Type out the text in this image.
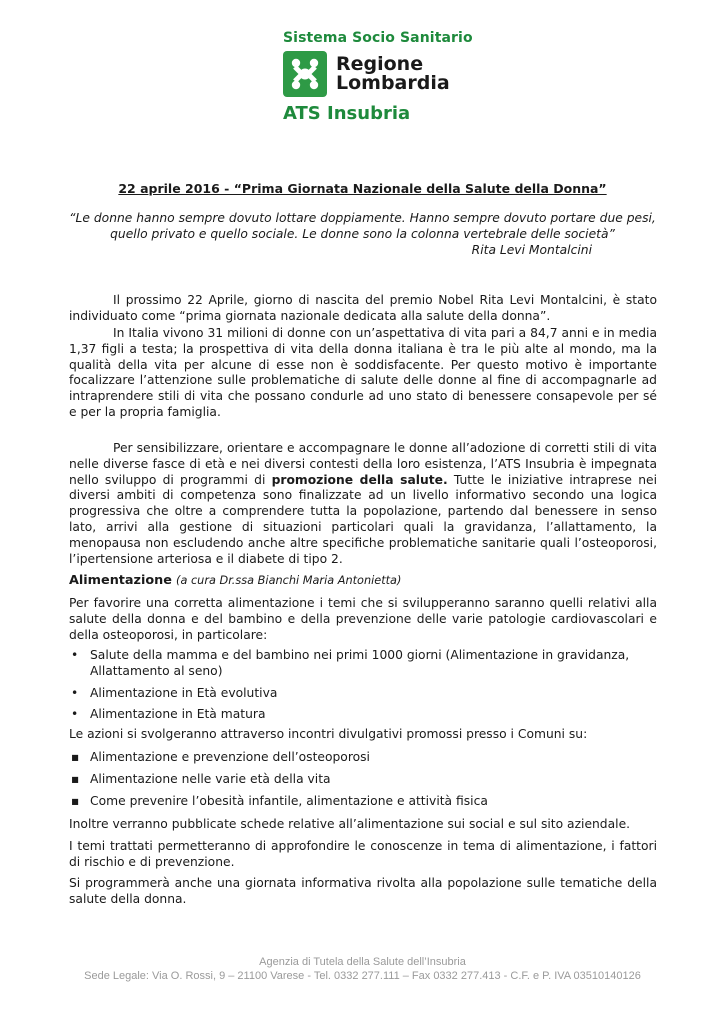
Sistema Socio Sanitario
Regione
Lombardia
ATS Insubria
22 aprile 2016 - “Prima Giornata Nazionale della Salute della Donna”
“Le donne hanno sempre dovuto lottare doppiamente. Hanno sempre dovuto portare due pesi,
quello privato e quello sociale. Le donne sono la colonna vertebrale delle società”
Rita Levi Montalcini

Il prossimo 22 Aprile, giorno di nascita del premio Nobel Rita Levi Montalcini, è stato individuato come “prima giornata nazionale dedicata alla salute della donna”.

In Italia vivono 31 milioni di donne con un’aspettativa di vita pari a 84,7 anni e in media 1,37 figli a testa; la prospettiva di vita della donna italiana è tra le più alte al mondo, ma la qualità della vita per alcune di esse non è soddisfacente. Per questo motivo è importante focalizzare l’attenzione sulle problematiche di salute delle donne al fine di accompagnarle ad intraprendere stili di vita che possano condurle ad uno stato di benessere consapevole per sé e per la propria famiglia.

Per sensibilizzare, orientare e accompagnare le donne all’adozione di corretti stili di vita nelle diverse fasce di età e nei diversi contesti della loro esistenza, l’ATS Insubria è impegnata nello sviluppo di programmi di promozione della salute. Tutte le iniziative intraprese nei diversi ambiti di competenza sono finalizzate ad un livello informativo secondo una logica progressiva che oltre a comprendere tutta la popolazione, partendo dal benessere in senso lato, arrivi alla gestione di situazioni particolari quali la gravidanza, l’allattamento, la menopausa non escludendo anche altre specifiche problematiche sanitarie quali l’osteoporosi, l’ipertensione arteriosa e il diabete di tipo 2.

Alimentazione (a cura Dr.ssa Bianchi Maria Antonietta)
Per favorire una corretta alimentazione i temi che si svilupperanno saranno quelli relativi alla salute della donna e del bambino e della prevenzione delle varie patologie cardiovascolari e della osteoporosi, in particolare:
• Salute della mamma e del bambino nei primi 1000 giorni (Alimentazione in gravidanza, Allattamento al seno)
• Alimentazione in Età evolutiva
• Alimentazione in Età matura
Le azioni si svolgeranno attraverso incontri divulgativi promossi presso i Comuni su:
▪ Alimentazione e prevenzione dell’osteoporosi
▪ Alimentazione nelle varie età della vita
▪ Come prevenire l’obesità infantile, alimentazione e attività fisica
Inoltre verranno pubblicate schede relative all’alimentazione sui social e sul sito aziendale.
I temi trattati permetteranno di approfondire le conoscenze in tema di alimentazione, i fattori di rischio e di prevenzione.
Si programmerà anche una giornata informativa rivolta alla popolazione sulle tematiche della salute della donna.
Agenzia di Tutela della Salute dell’Insubria
Sede Legale: Via O. Rossi, 9 – 21100 Varese - Tel. 0332 277.111 – Fax 0332 277.413 - C.F. e P. IVA 03510140126
